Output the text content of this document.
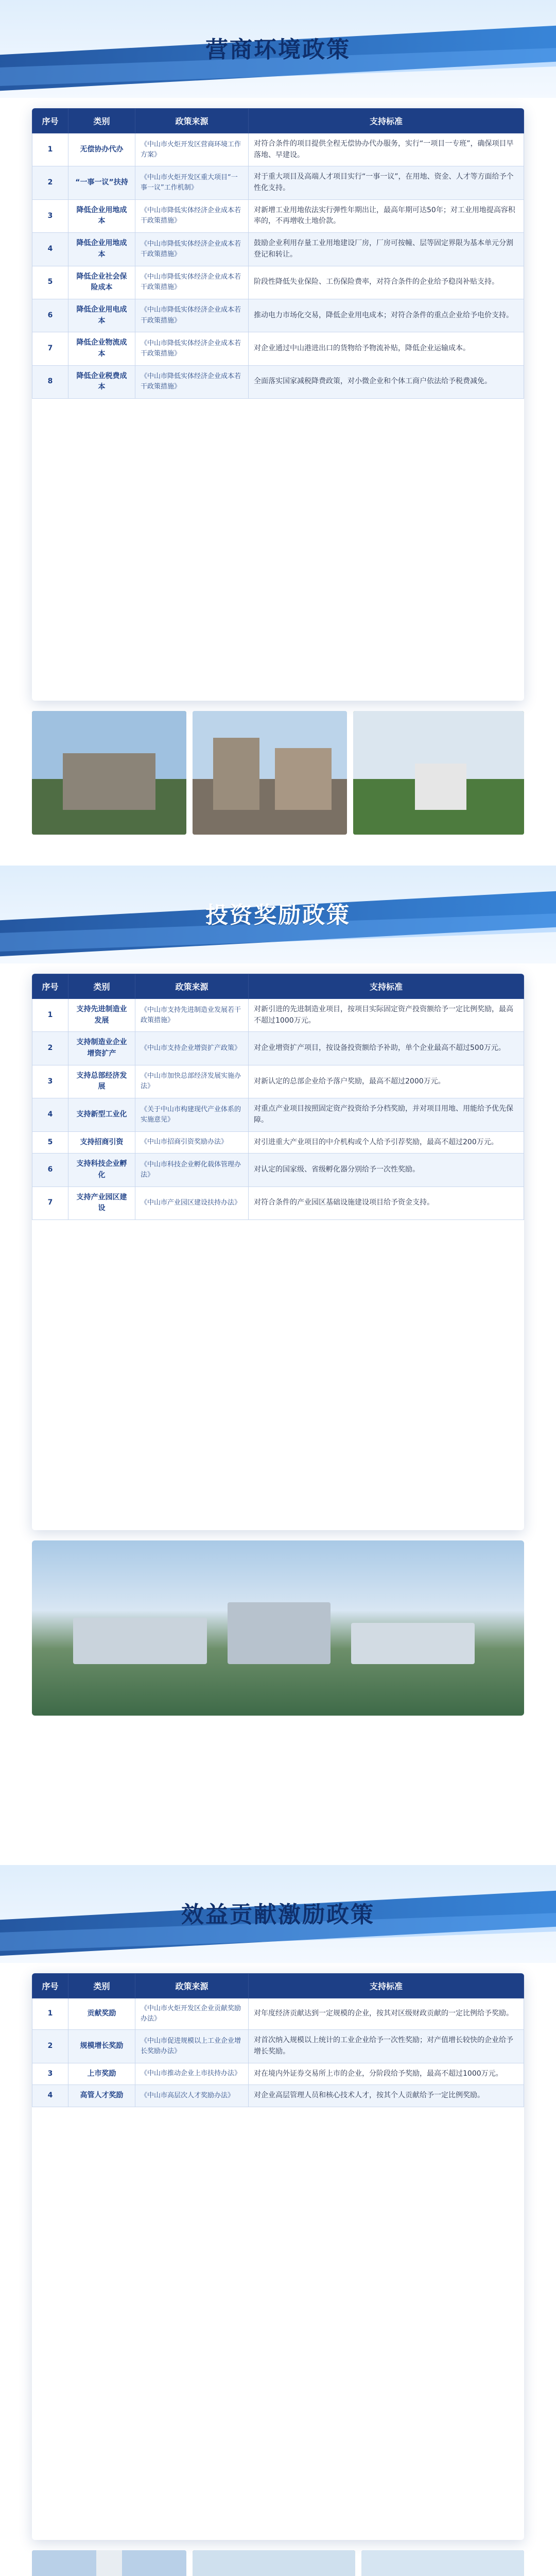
营商环境政策
序号	类别	政策来源	支持标准
1	无偿协办代办	《中山市火炬开发区营商环境工作方案》	对符合条件的项目提供全程无偿协办代办服务，实行“一项目一专班”，确保项目早落地、早建设。
2	“一事一议”扶持	《中山市火炬开发区重大项目“一事一议”工作机制》	对于重大项目及高端人才项目实行“一事一议”，在用地、资金、人才等方面给予个性化支持。
3	降低企业用地成本	《中山市降低实体经济企业成本若干政策措施》	对新增工业用地依法实行弹性年期出让，最高年期可达50年；对工业用地提高容积率的，不再增收土地价款。
4	降低企业用地成本	《中山市降低实体经济企业成本若干政策措施》	鼓励企业利用存量工业用地建设厂房，厂房可按幢、层等固定界限为基本单元分割登记和转让。
5	降低企业社会保险成本	《中山市降低实体经济企业成本若干政策措施》	阶段性降低失业保险、工伤保险费率，对符合条件的企业给予稳岗补贴支持。
6	降低企业用电成本	《中山市降低实体经济企业成本若干政策措施》	推动电力市场化交易，降低企业用电成本；对符合条件的重点企业给予电价支持。
7	降低企业物流成本	《中山市降低实体经济企业成本若干政策措施》	对企业通过中山港进出口的货物给予物流补贴，降低企业运输成本。
8	降低企业税费成本	《中山市降低实体经济企业成本若干政策措施》	全面落实国家减税降费政策，对小微企业和个体工商户依法给予税费减免。
投资奖励政策
序号	类别	政策来源	支持标准
1	支持先进制造业发展	《中山市支持先进制造业发展若干政策措施》	对新引进的先进制造业项目，按项目实际固定资产投资额给予一定比例奖励，最高不超过1000万元。
2	支持制造业企业增资扩产	《中山市支持企业增资扩产政策》	对企业增资扩产项目，按设备投资额给予补助，单个企业最高不超过500万元。
3	支持总部经济发展	《中山市加快总部经济发展实施办法》	对新认定的总部企业给予落户奖励，最高不超过2000万元。
4	支持新型工业化	《关于中山市构建现代产业体系的实施意见》	对重点产业项目按照固定资产投资给予分档奖励，并对项目用地、用能给予优先保障。
5	支持招商引资	《中山市招商引资奖励办法》	对引进重大产业项目的中介机构或个人给予引荐奖励，最高不超过200万元。
6	支持科技企业孵化	《中山市科技企业孵化载体管理办法》	对认定的国家级、省级孵化器分别给予一次性奖励。
7	支持产业园区建设	《中山市产业园区建设扶持办法》	对符合条件的产业园区基础设施建设项目给予资金支持。
效益贡献激励政策
序号	类别	政策来源	支持标准
1	贡献奖励	《中山市火炬开发区企业贡献奖励办法》	对年度经济贡献达到一定规模的企业，按其对区级财政贡献的一定比例给予奖励。
2	规模增长奖励	《中山市促进规模以上工业企业增长奖励办法》	对首次纳入规模以上统计的工业企业给予一次性奖励；对产值增长较快的企业给予增长奖励。
3	上市奖励	《中山市推动企业上市扶持办法》	对在境内外证券交易所上市的企业，分阶段给予奖励，最高不超过1000万元。
4	高管人才奖励	《中山市高层次人才奖励办法》	对企业高层管理人员和核心技术人才，按其个人贡献给予一定比例奖励。
